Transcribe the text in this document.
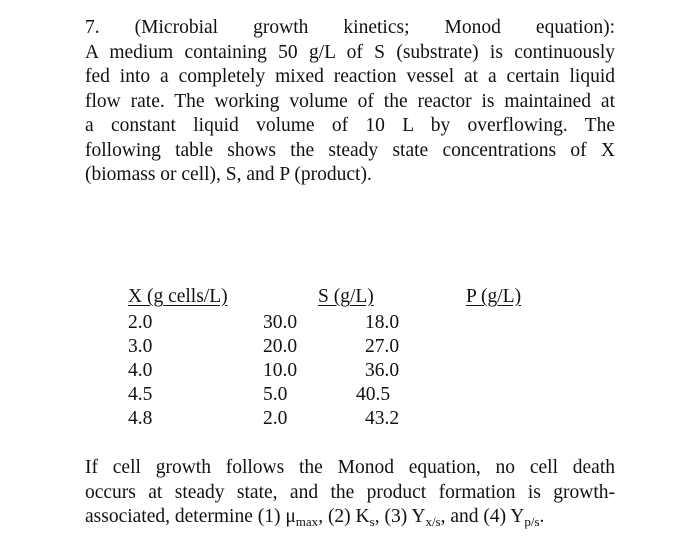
7. (Microbial growth kinetics; Monod equation):
A medium containing 50 g/L of S (substrate) is continuously
fed into a completely mixed reaction vessel at a certain liquid
flow rate. The working volume of the reactor is maintained at
a constant liquid volume of 10 L by overflowing. The
following table shows the steady state concentrations of X
(biomass or cell), S, and P (product).
X (g cells/L)	S (g/L)	P (g/L)
2.0	30.0	18.0
3.0	20.0	27.0
4.0	10.0	36.0
4.5	5.0	40.5
4.8	2.0	43.2
If cell growth follows the Monod equation, no cell death
occurs at steady state, and the product formation is growth-
associated, determine (1) $\mu_{max}$, (2) $K_s$, (3) $Y_{x/s}$, and (4) $Y_{p/s}$.
